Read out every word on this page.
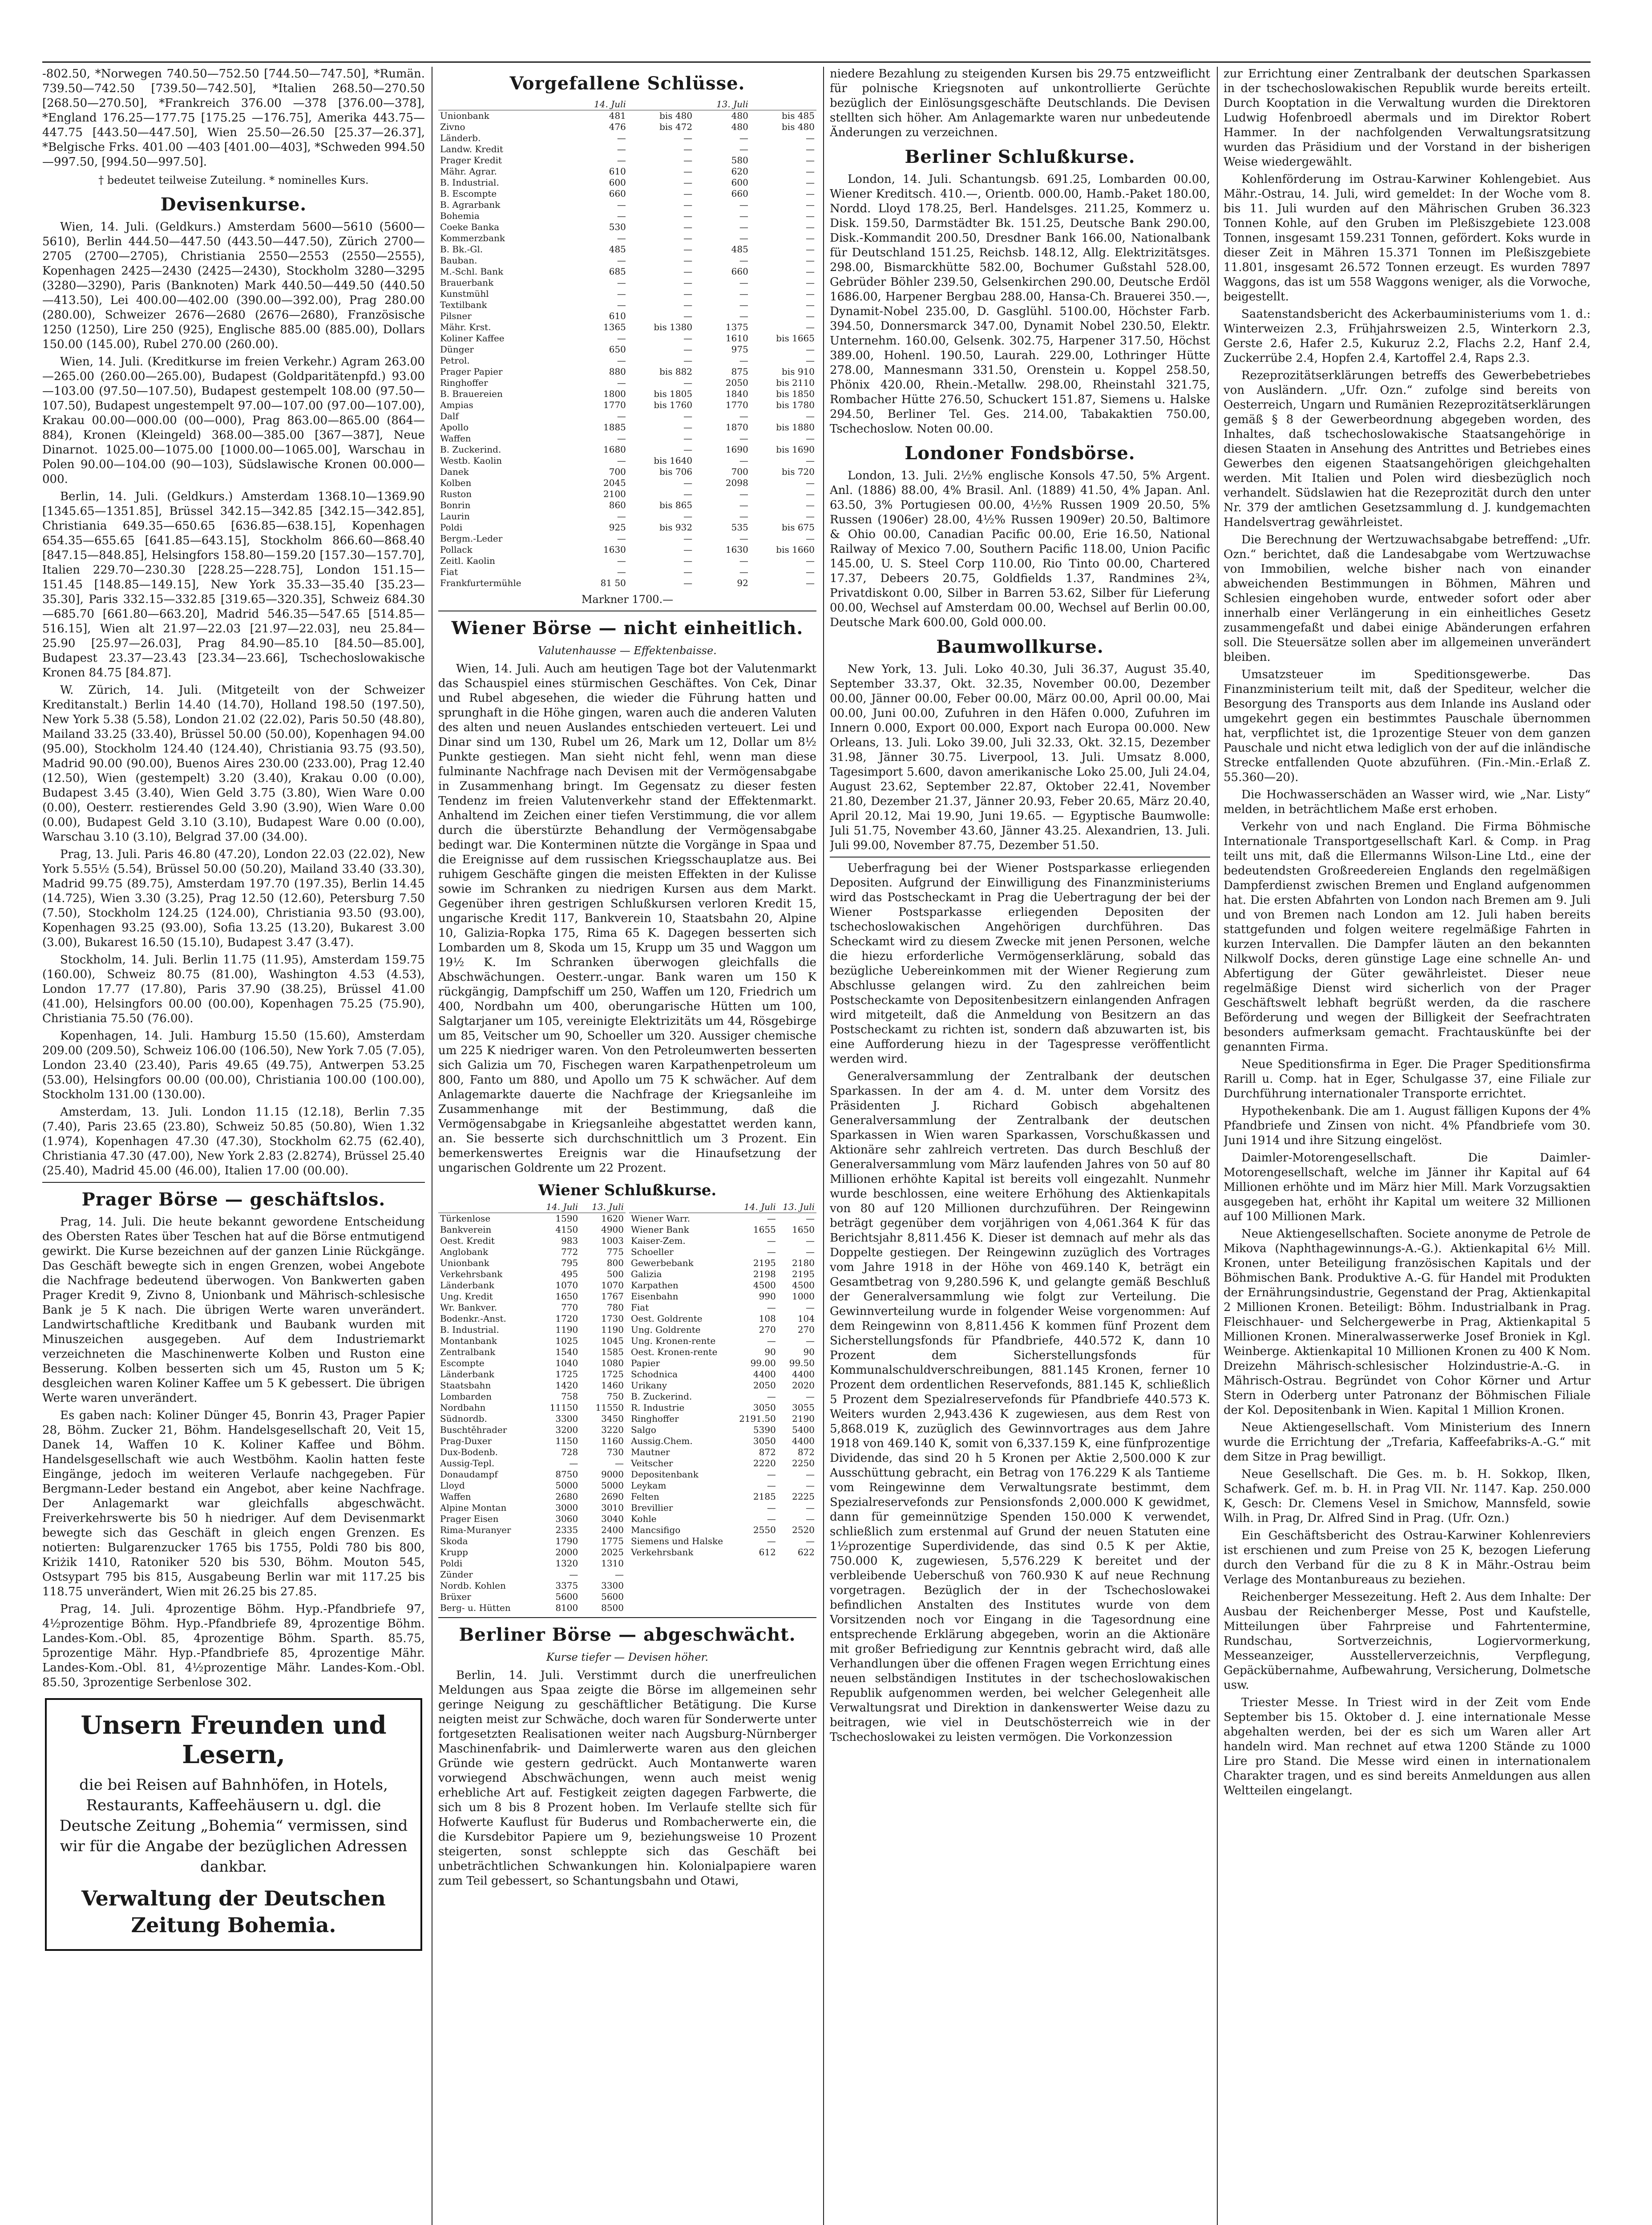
-802.50, *Norwegen 740.50—752.50 [744.50—747.50], *Rumän. 739.50—742.50 [739.50—742.50], *Italien 268.50—270.50 [268.50—270.50], *Frankreich 376.00 —378 [376.00—378], *England 176.25—177.75 [175.25 —176.75], Amerika 443.75—447.75 [443.50—447.50], Wien 25.50—26.50 [25.37—26.37], *Belgische Frks. 401.00 —403 [401.00—403], *Schweden 994.50—997.50, [994.50—997.50].

† bedeutet teilweise Zuteilung. * nominelles Kurs.
Devisenkurse.

Wien, 14. Juli. (Geldkurs.) Amsterdam 5600—5610 (5600—5610), Berlin 444.50—447.50 (443.50—447.50), Zürich 2700—2705 (2700—2705), Christiania 2550—2553 (2550—2555), Kopenhagen 2425—2430 (2425—2430), Stockholm 3280—3295 (3280—3290), Paris (Banknoten) Mark 440.50—449.50 (440.50—413.50), Lei 400.00—402.00 (390.00—392.00), Prag 280.00 (280.00), Schweizer 2676—2680 (2676—2680), Französische 1250 (1250), Lire 250 (925), Englische 885.00 (885.00), Dollars 150.00 (145.00), Rubel 270.00 (260.00).

Wien, 14. Juli. (Kreditkurse im freien Verkehr.) Agram 263.00—265.00 (260.00—265.00), Budapest (Goldparitätenpfd.) 93.00—103.00 (97.50—107.50), Budapest gestempelt 108.00 (97.50—107.50), Budapest ungestempelt 97.00—107.00 (97.00—107.00), Krakau 00.00—000.00 (00—000), Prag 863.00—865.00 (864—884), Kronen (Kleingeld) 368.00—385.00 [367—387], Neue Dinarnot. 1025.00—1075.00 [1000.00—1065.00], Warschau in Polen 90.00—104.00 (90—103), Südslawische Kronen 00.000—000.

Berlin, 14. Juli. (Geldkurs.) Amsterdam 1368.10—1369.90 [1345.65—1351.85], Brüssel 342.15—342.85 [342.15—342.85], Christiania 649.35—650.65 [636.85—638.15], Kopenhagen 654.35—655.65 [641.85—643.15], Stockholm 866.60—868.40 [847.15—848.85], Helsingfors 158.80—159.20 [157.30—157.70], Italien 229.70—230.30 [228.25—228.75], London 151.15—151.45 [148.85—149.15], New York 35.33—35.40 [35.23—35.30], Paris 332.15—332.85 [319.65—320.35], Schweiz 684.30—685.70 [661.80—663.20], Madrid 546.35—547.65 [514.85—516.15], Wien alt 21.97—22.03 [21.97—22.03], neu 25.84—25.90 [25.97—26.03], Prag 84.90—85.10 [84.50—85.00], Budapest 23.37—23.43 [23.34—23.66], Tschechoslowakische Kronen 84.75 [84.87].

W. Zürich, 14. Juli. (Mitgeteilt von der Schweizer Kreditanstalt.) Berlin 14.40 (14.70), Holland 198.50 (197.50), New York 5.38 (5.58), London 21.02 (22.02), Paris 50.50 (48.80), Mailand 33.25 (33.40), Brüssel 50.00 (50.00), Kopenhagen 94.00 (95.00), Stockholm 124.40 (124.40), Christiania 93.75 (93.50), Madrid 90.00 (90.00), Buenos Aires 230.00 (233.00), Prag 12.40 (12.50), Wien (gestempelt) 3.20 (3.40), Krakau 0.00 (0.00), Budapest 3.45 (3.40), Wien Geld 3.75 (3.80), Wien Ware 0.00 (0.00), Oesterr. restierendes Geld 3.90 (3.90), Wien Ware 0.00 (0.00), Budapest Geld 3.10 (3.10), Budapest Ware 0.00 (0.00), Warschau 3.10 (3.10), Belgrad 37.00 (34.00).

Prag, 13. Juli. Paris 46.80 (47.20), London 22.03 (22.02), New York 5.55½ (5.54), Brüssel 50.00 (50.20), Mailand 33.40 (33.30), Madrid 99.75 (89.75), Amsterdam 197.70 (197.35), Berlin 14.45 (14.725), Wien 3.30 (3.25), Prag 12.50 (12.60), Petersburg 7.50 (7.50), Stockholm 124.25 (124.00), Christiania 93.50 (93.00), Kopenhagen 93.25 (93.00), Sofia 13.25 (13.20), Bukarest 3.00 (3.00), Bukarest 16.50 (15.10), Budapest 3.47 (3.47).

Stockholm, 14. Juli. Berlin 11.75 (11.95), Amsterdam 159.75 (160.00), Schweiz 80.75 (81.00), Washington 4.53 (4.53), London 17.77 (17.80), Paris 37.90 (38.25), Brüssel 41.00 (41.00), Helsingfors 00.00 (00.00), Kopenhagen 75.25 (75.90), Christiania 75.50 (76.00).

Kopenhagen, 14. Juli. Hamburg 15.50 (15.60), Amsterdam 209.00 (209.50), Schweiz 106.00 (106.50), New York 7.05 (7.05), London 23.40 (23.40), Paris 49.65 (49.75), Antwerpen 53.25 (53.00), Helsingfors 00.00 (00.00), Christiania 100.00 (100.00), Stockholm 131.00 (130.00).

Amsterdam, 13. Juli. London 11.15 (12.18), Berlin 7.35 (7.40), Paris 23.65 (23.80), Schweiz 50.85 (50.80), Wien 1.32 (1.974), Kopenhagen 47.30 (47.30), Stockholm 62.75 (62.40), Christiania 47.30 (47.00), New York 2.83 (2.8274), Brüssel 25.40 (25.40), Madrid 45.00 (46.00), Italien 17.00 (00.00).

Prager Börse — geschäftslos.

Prag, 14. Juli. Die heute bekannt gewordene Entscheidung des Obersten Rates über Teschen hat auf die Börse entmutigend gewirkt. Die Kurse bezeichnen auf der ganzen Linie Rückgänge. Das Geschäft bewegte sich in engen Grenzen, wobei Angebote die Nachfrage bedeutend überwogen. Von Bankwerten gaben Prager Kredit 9, Zivno 8, Unionbank und Mährisch-schlesische Bank je 5 K nach. Die übrigen Werte waren unverändert. Landwirtschaftliche Kreditbank und Baubank wurden mit Minuszeichen ausgegeben. Auf dem Industriemarkt verzeichneten die Maschinenwerte Kolben und Ruston eine Besserung. Kolben besserten sich um 45, Ruston um 5 K; desgleichen waren Koliner Kaffee um 5 K gebessert. Die übrigen Werte waren unverändert.

Es gaben nach: Koliner Dünger 45, Bonrin 43, Prager Papier 28, Böhm. Zucker 21, Böhm. Handelsgesellschaft 20, Veit 15, Danek 14, Waffen 10 K. Koliner Kaffee und Böhm. Handelsgesellschaft wie auch Westböhm. Kaolin hatten feste Eingänge, jedoch im weiteren Verlaufe nachgegeben. Für Bergmann-Leder bestand ein Angebot, aber keine Nachfrage. Der Anlagemarkt war gleichfalls abgeschwächt. Freiverkehrswerte bis 50 h niedriger. Auf dem Devisenmarkt bewegte sich das Geschäft in gleich engen Grenzen. Es notierten: Bulgarenzucker 1765 bis 1755, Poldi 780 bis 800, Kriżik 1410, Ratoniker 520 bis 530, Böhm. Mouton 545, Ostsypart 795 bis 815, Ausgabeung Berlin war mit 117.25 bis 118.75 unverändert, Wien mit 26.25 bis 27.85.

Prag, 14. Juli. 4prozentige Böhm. Hyp.-Pfandbriefe 97, 4½prozentige Böhm. Hyp.-Pfandbriefe 89, 4prozentige Böhm. Landes-Kom.-Obl. 85, 4prozentige Böhm. Sparth. 85.75, 5prozentige Mähr. Hyp.-Pfandbriefe 85, 4prozentige Mähr. Landes-Kom.-Obl. 81, 4½prozentige Mähr. Landes-Kom.-Obl. 85.50, 3prozentige Serbenlose 302.

Unsern Freunden und Lesern,
die bei Reisen auf Bahnhöfen, in Hotels, Restaurants, Kaffeehäusern u. dgl. die Deutsche Zeitung „Bohemia“ vermissen, sind wir für die Angabe der bezüglichen Adressen dankbar.
Verwaltung der Deutschen Zeitung Bohemia.
Vorgefallene Schlüsse.
	14. Juli		13. Juli	
Unionbank	481	bis 480	480	bis 485
Zivno	476	bis 472	480	bis 480
Länderb.	—	—	—	—
Landw. Kredit	—	—	—	—
Prager Kredit	—	—	580	—
Mähr. Agrar.	610	—	620	—
B. Industrial.	600	—	600	—
B. Escompte	660	—	660	—
B. Agrarbank	—	—	—	—
Bohemia	—	—	—	—
Coeke Banka	530	—	—	—
Kommerzbank	—	—	—	—
B. Bk.-Gl.	485	—	485	—
Bauban.	—	—	—	—
M.-Schl. Bank	685	—	660	—
Brauerbank	—	—	—	—
Kunstmühl	—	—	—	—
Textilbank	—	—	—	—
Pilsner	610	—	—	—
Mähr. Krst.	1365	bis 1380	1375	—
Koliner Kaffee	—	—	1610	bis 1665
Dünger	650	—	975	—
Petrol.	—	—	—	—
Prager Papier	880	bis 882	875	bis 910
Ringhoffer	—	—	2050	bis 2110
B. Brauereien	1800	bis 1805	1840	bis 1850
Ampias	1770	bis 1760	1770	bis 1780
Dalf	—	—	—	—
Apollo	1885	—	1870	bis 1880
Waffen	—	—	—	—
B. Zuckerind.	1680	—	1690	bis 1690
Westb. Kaolin	—	bis 1640	—	—
Danek	700	bis 706	700	bis 720
Kolben	2045	—	2098	—
Ruston	2100	—	—	—
Bonrin	860	bis 865	—	—
Laurin	—	—	—	—
Poldi	925	bis 932	535	bis 675
Bergm.-Leder	—	—	—	—
Pollack	1630	—	1630	bis 1660
Zeitl. Kaolin	—	—	—	—
Fiat	—	—	—	—
Frankfurtermühle	81 50	—	92	—
Markner 1700.—
Wiener Börse — nicht einheitlich.
Valutenhausse — Effektenbaisse.

Wien, 14. Juli. Auch am heutigen Tage bot der Valutenmarkt das Schauspiel eines stürmischen Geschäftes. Von Cek, Dinar und Rubel abgesehen, die wieder die Führung hatten und sprunghaft in die Höhe gingen, waren auch die anderen Valuten des alten und neuen Auslandes entschieden verteuert. Lei und Dinar sind um 130, Rubel um 26, Mark um 12, Dollar um 8½ Punkte gestiegen. Man sieht nicht fehl, wenn man diese fulminante Nachfrage nach Devisen mit der Vermögensabgabe in Zusammenhang bringt. Im Gegensatz zu dieser festen Tendenz im freien Valutenverkehr stand der Effektenmarkt. Anhaltend im Zeichen einer tiefen Verstimmung, die vor allem durch die überstürzte Behandlung der Vermögensabgabe bedingt war. Die Konterminen nützte die Vorgänge in Spaa und die Ereignisse auf dem russischen Kriegsschauplatze aus. Bei ruhigem Geschäfte gingen die meisten Effekten in der Kulisse sowie im Schranken zu niedrigen Kursen aus dem Markt. Gegenüber ihren gestrigen Schlußkursen verloren Kredit 15, ungarische Kredit 117, Bankverein 10, Staatsbahn 20, Alpine 10, Galizia-Ropka 175, Rima 65 K. Dagegen besserten sich Lombarden um 8, Skoda um 15, Krupp um 35 und Waggon um 19½ K. Im Schranken überwogen gleichfalls die Abschwächungen. Oesterr.-ungar. Bank waren um 150 K rückgängig, Dampfschiff um 250, Waffen um 120, Friedrich um 400, Nordbahn um 400, oberungarische Hütten um 100, Salgtarjaner um 105, vereinigte Elektrizitäts um 44, Rösgebirge um 85, Veitscher um 90, Schoeller um 320. Aussiger chemische um 225 K niedriger waren. Von den Petroleumwerten besserten sich Galizia um 70, Fischegen waren Karpathenpetroleum um 800, Fanto um 880, und Apollo um 75 K schwächer. Auf dem Anlagemarkte dauerte die Nachfrage der Kriegsanleihe im Zusammenhange mit der Bestimmung, daß die Vermögensabgabe in Kriegsanleihe abgestattet werden kann, an. Sie besserte sich durchschnittlich um 3 Prozent. Ein bemerkenswertes Ereignis war die Hinaufsetzung der ungarischen Goldrente um 22 Prozent.

Wiener Schlußkurse.
	14. Juli	13. Juli
Türkenlose	1590	1620
Bankverein	4150	4900
Oest. Kredit	983	1003
Anglobank	772	775
Unionbank	795	800
Verkehrsbank	495	500
Länderbank	1070	1070
Ung. Kredit	1650	1767
Wr. Bankver.	770	780
Bodenkr.-Anst.	1720	1730
B. Industrial.	1190	1190
Montanbank	1025	1045
Zentralbank	1540	1585
Escompte	1040	1080
Länderbank	1725	1725
Staatsbahn	1420	1460
Lombarden	758	750
Nordbahn	11150	11550
Südnordb.	3300	3450
Buschtěhrader	3200	3220
Prag-Duxer	1150	1160
Dux-Bodenb.	728	730
Aussig-Tepl.	—	—
Donaudampf	8750	9000
Lloyd	5000	5000
Waffen	2680	2690
Alpine Montan	3000	3010
Prager Eisen	3060	3040
Rima-Muranyer	2335	2400
Skoda	1790	1775
Krupp	2000	2025
Poldi	1320	1310
Zünder	—	—
Nordb. Kohlen	3375	3300
Brüxer	5600	5600
Berg- u. Hütten	8100	8500
	14. Juli	13. Juli
Wiener Warr.	—	—
Wiener Bank	1655	1650
Kaiser-Zem.	—	—
Schoeller	—	—
Gewerbebank	2195	2180
Galizia	2198	2195
Karpathen	4500	4500
Eisenbahn	990	1000
Fiat	—	—
Oest. Goldrente	108	104
Ung. Goldrente	270	270
Ung. Kronen-rente	—	—
Oest. Kronen-rente	90	90
Papier	99.00	99.50
Schodnica	4400	4400
Urikany	2050	2020
B. Zuckerind.	—	—
R. Industrie	3050	3055
Ringhoffer	2191.50	2190
Salgo	5390	5400
Aussig.Chem.	3050	4400
Mautner	872	872
Veitscher	2220	2250
Depositenbank	—	—
Leykam	—	—
Felten	2185	2225
Brevillier	—	—
Kohle	—	—
Mancsifigo	2550	2520
Siemens und Halske	—	—
Verkehrsbank	612	622
Berliner Börse — abgeschwächt.
Kurse tiefer — Devisen höher.

Berlin, 14. Juli. Verstimmt durch die unerfreulichen Meldungen aus Spaa zeigte die Börse im allgemeinen sehr geringe Neigung zu geschäftlicher Betätigung. Die Kurse neigten meist zur Schwäche, doch waren für Sonderwerte unter fortgesetzten Realisationen weiter nach Augsburg-Nürnberger Maschinenfabrik- und Daimlerwerte waren aus den gleichen Gründe wie gestern gedrückt. Auch Montanwerte waren vorwiegend Abschwächungen, wenn auch meist wenig erhebliche Art auf. Festigkeit zeigten dagegen Farbwerte, die sich um 8 bis 8 Prozent hoben. Im Verlaufe stellte sich für Hofwerte Kauflust für Buderus und Rombacherwerte ein, die die Kursdebitor Papiere um 9, beziehungsweise 10 Prozent steigerten, sonst schleppte sich das Geschäft bei unbeträchtlichen Schwankungen hin. Kolonialpapiere waren zum Teil gebessert, so Schantungsbahn und Otawi,

niedere Bezahlung zu steigenden Kursen bis 29.75 entzweiflicht für polnische Kriegsnoten auf unkontrollierte Gerüchte bezüglich der Einlösungsgeschäfte Deutschlands. Die Devisen stellten sich höher. Am Anlagemarkte waren nur unbedeutende Änderungen zu verzeichnen.

Berliner Schlußkurse.

London, 14. Juli. Schantungsb. 691.25, Lombarden 00.00, Wiener Kreditsch. 410.—, Orientb. 000.00, Hamb.-Paket 180.00, Nordd. Lloyd 178.25, Berl. Handelsges. 211.25, Kommerz u. Disk. 159.50, Darmstädter Bk. 151.25, Deutsche Bank 290.00, Disk.-Kommandit 200.50, Dresdner Bank 166.00, Nationalbank für Deutschland 151.25, Reichsb. 148.12, Allg. Elektrizitätsges. 298.00, Bismarckhütte 582.00, Bochumer Gußstahl 528.00, Gebrüder Böhler 239.50, Gelsenkirchen 290.00, Deutsche Erdöl 1686.00, Harpener Bergbau 288.00, Hansa-Ch. Brauerei 350.—, Dynamit-Nobel 235.00, D. Gasglühl. 5100.00, Höchster Farb. 394.50, Donnersmarck 347.00, Dynamit Nobel 230.50, Elektr. Unternehm. 160.00, Gelsenk. 302.75, Harpener 317.50, Höchst 389.00, Hohenl. 190.50, Laurah. 229.00, Lothringer Hütte 278.00, Mannesmann 331.50, Orenstein u. Koppel 258.50, Phönix 420.00, Rhein.-Metallw. 298.00, Rheinstahl 321.75, Rombacher Hütte 276.50, Schuckert 151.87, Siemens u. Halske 294.50, Berliner Tel. Ges. 214.00, Tabakaktien 750.00, Tschechoslow. Noten 00.00.

Londoner Fondsbörse.

London, 13. Juli. 2½% englische Konsols 47.50, 5% Argent. Anl. (1886) 88.00, 4% Brasil. Anl. (1889) 41.50, 4% Japan. Anl. 63.50, 3% Portugiesen 00.00, 4½% Russen 1909 20.50, 5% Russen (1906er) 28.00, 4½% Russen 1909er) 20.50, Baltimore & Ohio 00.00, Canadian Pacific 00.00, Erie 16.50, National Railway of Mexico 7.00, Southern Pacific 118.00, Union Pacific 145.00, U. S. Steel Corp 110.00, Rio Tinto 00.00, Chartered 17.37, Debeers 20.75, Goldfields 1.37, Randmines 2¾, Privatdiskont 0.00, Silber in Barren 53.62, Silber für Lieferung 00.00, Wechsel auf Amsterdam 00.00, Wechsel auf Berlin 00.00, Deutsche Mark 600.00, Gold 000.00.

Baumwollkurse.

New York, 13. Juli. Loko 40.30, Juli 36.37, August 35.40, September 33.37, Okt. 32.35, November 00.00, Dezember 00.00, Jänner 00.00, Feber 00.00, März 00.00, April 00.00, Mai 00.00, Juni 00.00, Zufuhren in den Häfen 0.000, Zufuhren im Innern 0.000, Export 00.000, Export nach Europa 00.000. New Orleans, 13. Juli. Loko 39.00, Juli 32.33, Okt. 32.15, Dezember 31.98, Jänner 30.75. Liverpool, 13. Juli. Umsatz 8.000, Tagesimport 5.600, davon amerikanische Loko 25.00, Juli 24.04, August 23.62, September 22.87, Oktober 22.41, November 21.80, Dezember 21.37, Jänner 20.93, Feber 20.65, März 20.40, April 20.12, Mai 19.90, Juni 19.65. — Egyptische Baumwolle: Juli 51.75, November 43.60, Jänner 43.25. Alexandrien, 13. Juli. Juli 99.00, November 87.75, Dezember 51.50.

Ueberfragung bei der Wiener Postsparkasse erliegenden Depositen. Aufgrund der Einwilligung des Finanzministeriums wird das Postscheckamt in Prag die Uebertragung der bei der Wiener Postsparkasse erliegenden Depositen der tschechoslowakischen Angehörigen durchführen. Das Scheckamt wird zu diesem Zwecke mit jenen Personen, welche die hiezu erforderliche Vermögenserklärung, sobald das bezügliche Uebereinkommen mit der Wiener Regierung zum Abschlusse gelangen wird. Zu den zahlreichen beim Postscheckamte von Depositenbesitzern einlangenden Anfragen wird mitgeteilt, daß die Anmeldung von Besitzern an das Postscheckamt zu richten ist, sondern daß abzuwarten ist, bis eine Aufforderung hiezu in der Tagespresse veröffentlicht werden wird.

Generalversammlung der Zentralbank der deutschen Sparkassen. In der am 4. d. M. unter dem Vorsitz des Präsidenten J. Richard Gobisch abgehaltenen Generalversammlung der Zentralbank der deutschen Sparkassen in Wien waren Sparkassen, Vorschußkassen und Aktionäre sehr zahlreich vertreten. Das durch Beschluß der Generalversammlung vom März laufenden Jahres von 50 auf 80 Millionen erhöhte Kapital ist bereits voll eingezahlt. Nunmehr wurde beschlossen, eine weitere Erhöhung des Aktienkapitals von 80 auf 120 Millionen durchzuführen. Der Reingewinn beträgt gegenüber dem vorjährigen von 4,061.364 K für das Berichtsjahr 8,811.456 K. Dieser ist demnach auf mehr als das Doppelte gestiegen. Der Reingewinn zuzüglich des Vortrages vom Jahre 1918 in der Höhe von 469.140 K, beträgt ein Gesamtbetrag von 9,280.596 K, und gelangte gemäß Beschluß der Generalversammlung wie folgt zur Verteilung. Die Gewinnverteilung wurde in folgender Weise vorgenommen: Auf dem Reingewinn von 8,811.456 K kommen fünf Prozent dem Sicherstellungsfonds für Pfandbriefe, 440.572 K, dann 10 Prozent dem Sicherstellungsfonds für Kommunalschuldverschreibungen, 881.145 Kronen, ferner 10 Prozent dem ordentlichen Reservefonds, 881.145 K, schließlich 5 Prozent dem Spezialreservefonds für Pfandbriefe 440.573 K. Weiters wurden 2,943.436 K zugewiesen, aus dem Rest von 5,868.019 K, zuzüglich des Gewinnvortrages aus dem Jahre 1918 von 469.140 K, somit von 6,337.159 K, eine fünfprozentige Dividende, das sind 20 h 5 Kronen per Aktie 2,500.000 K zur Ausschüttung gebracht, ein Betrag von 176.229 K als Tantieme vom Reingewinne dem Verwaltungsrate bestimmt, dem Spezialreservefonds zur Pensionsfonds 2,000.000 K gewidmet, dann für gemeinnützige Spenden 150.000 K verwendet, schließlich zum erstenmal auf Grund der neuen Statuten eine 1½prozentige Superdividende, das sind 0.5 K per Aktie, 750.000 K, zugewiesen, 5,576.229 K bereitet und der verbleibende Ueberschuß von 760.930 K auf neue Rechnung vorgetragen. Bezüglich der in der Tschechoslowakei befindlichen Anstalten des Institutes wurde von dem Vorsitzenden noch vor Eingang in die Tagesordnung eine entsprechende Erklärung abgegeben, worin an die Aktionäre mit großer Befriedigung zur Kenntnis gebracht wird, daß alle Verhandlungen über die offenen Fragen wegen Errichtung eines neuen selbständigen Institutes in der tschechoslowakischen Republik aufgenommen werden, bei welcher Gelegenheit alle Verwaltungsrat und Direktion in dankenswerter Weise dazu zu beitragen, wie viel in Deutschösterreich wie in der Tschechoslowakei zu leisten vermögen. Die Vorkonzession

zur Errichtung einer Zentralbank der deutschen Sparkassen in der tschechoslowakischen Republik wurde bereits erteilt. Durch Kooptation in die Verwaltung wurden die Direktoren Ludwig Hofenbroedl abermals und im Direktor Robert Hammer. In der nachfolgenden Verwaltungsratsitzung wurden das Präsidium und der Vorstand in der bisherigen Weise wiedergewählt.

Kohlenförderung im Ostrau-Karwiner Kohlengebiet. Aus Mähr.-Ostrau, 14. Juli, wird gemeldet: In der Woche vom 8. bis 11. Juli wurden auf den Mährischen Gruben 36.323 Tonnen Kohle, auf den Gruben im Pleßiszgebiete 123.008 Tonnen, insgesamt 159.231 Tonnen, gefördert. Koks wurde in dieser Zeit in Mähren 15.371 Tonnen im Pleßiszgebiete 11.801, insgesamt 26.572 Tonnen erzeugt. Es wurden 7897 Waggons, das ist um 558 Waggons weniger, als die Vorwoche, beigestellt.

Saatenstandsbericht des Ackerbauministeriums vom 1. d.: Winterweizen 2.3, Frühjahrsweizen 2.5, Winterkorn 2.3, Gerste 2.6, Hafer 2.5, Kukuruz 2.2, Flachs 2.2, Hanf 2.4, Zuckerrübe 2.4, Hopfen 2.4, Kartoffel 2.4, Raps 2.3.

Rezeprozitätserklärungen betreffs des Gewerbebetriebes von Ausländern. „Ufr. Ozn.“ zufolge sind bereits von Oesterreich, Ungarn und Rumänien Rezeprozitätserklärungen gemäß § 8 der Gewerbeordnung abgegeben worden, des Inhaltes, daß tschechoslowakische Staatsangehörige in diesen Staaten in Ansehung des Antrittes und Betriebes eines Gewerbes den eigenen Staatsangehörigen gleichgehalten werden. Mit Italien und Polen wird diesbezüglich noch verhandelt. Südslawien hat die Rezeprozität durch den unter Nr. 379 der amtlichen Gesetzsammlung d. J. kundgemachten Handelsvertrag gewährleistet.

Die Berechnung der Wertzuwachsabgabe betreffend: „Ufr. Ozn.“ berichtet, daß die Landesabgabe vom Wertzuwachse von Immobilien, welche bisher nach von einander abweichenden Bestimmungen in Böhmen, Mähren und Schlesien eingehoben wurde, entweder sofort oder aber innerhalb einer Verlängerung in ein einheitliches Gesetz zusammengefaßt und dabei einige Abänderungen erfahren soll. Die Steuersätze sollen aber im allgemeinen unverändert bleiben.

Umsatzsteuer im Speditionsgewerbe. Das Finanzministerium teilt mit, daß der Spediteur, welcher die Besorgung des Transports aus dem Inlande ins Ausland oder umgekehrt gegen ein bestimmtes Pauschale übernommen hat, verpflichtet ist, die 1prozentige Steuer von dem ganzen Pauschale und nicht etwa lediglich von der auf die inländische Strecke entfallenden Quote abzuführen. (Fin.-Min.-Erlaß Z. 55.360—20).

Die Hochwasserschäden an Wasser wird, wie „Nar. Listy“ melden, in beträchtlichem Maße erst erhoben.

Verkehr von und nach England. Die Firma Böhmische Internationale Transportgesellschaft Karl. & Comp. in Prag teilt uns mit, daß die Ellermanns Wilson-Line Ltd., eine der bedeutendsten Großreedereien Englands den regelmäßigen Dampferdienst zwischen Bremen und England aufgenommen hat. Die ersten Abfahrten von London nach Bremen am 9. Juli und von Bremen nach London am 12. Juli haben bereits stattgefunden und folgen weitere regelmäßige Fahrten in kurzen Intervallen. Die Dampfer läuten an den bekannten Nilkwolf Docks, deren günstige Lage eine schnelle An- und Abfertigung der Güter gewährleistet. Dieser neue regelmäßige Dienst wird sicherlich von der Prager Geschäftswelt lebhaft begrüßt werden, da die raschere Beförderung und wegen der Billigkeit der Seefrachtraten besonders aufmerksam gemacht. Frachtauskünfte bei der genannten Firma.

Neue Speditionsfirma in Eger. Die Prager Speditionsfirma Rarill u. Comp. hat in Eger, Schulgasse 37, eine Filiale zur Durchführung internationaler Transporte errichtet.

Hypothekenbank. Die am 1. August fälligen Kupons der 4% Pfandbriefe und Zinsen von nicht. 4% Pfandbriefe vom 30. Juni 1914 und ihre Sitzung eingelöst.

Daimler-Motorengesellschaft. Die Daimler-Motorengesellschaft, welche im Jänner ihr Kapital auf 64 Millionen erhöhte und im März hier Mill. Mark Vorzugsaktien ausgegeben hat, erhöht ihr Kapital um weitere 32 Millionen auf 100 Millionen Mark.

Neue Aktiengesellschaften. Societe anonyme de Petrole de Mikova (Naphthagewinnungs-A.-G.). Aktienkapital 6½ Mill. Kronen, unter Beteiligung französischen Kapitals und der Böhmischen Bank. Produktive A.-G. für Handel mit Produkten der Ernährungsindustrie, Gegenstand der Prag, Aktienkapital 2 Millionen Kronen. Beteiligt: Böhm. Industrialbank in Prag. Fleischhauer- und Selchergewerbe in Prag, Aktienkapital 5 Millionen Kronen. Mineralwasserwerke Josef Broniek in Kgl. Weinberge. Aktienkapital 10 Millionen Kronen zu 400 K Nom. Dreizehn Mährisch-schlesischer Holzindustrie-A.-G. in Mährisch-Ostrau. Begründet von Cohor Körner und Artur Stern in Oderberg unter Patronanz der Böhmischen Filiale der Kol. Depositenbank in Wien. Kapital 1 Million Kronen.

Neue Aktiengesellschaft. Vom Ministerium des Innern wurde die Errichtung der „Trefaria, Kaffeefabriks-A.-G.“ mit dem Sitze in Prag bewilligt.

Neue Gesellschaft. Die Ges. m. b. H. Sokkop, Ilken, Schafwerk. Gef. m. b. H. in Prag VII. Nr. 1147. Kap. 250.000 K, Gesch: Dr. Clemens Vesel in Smichow, Mannsfeld, sowie Wilh. in Prag, Dr. Alfred Sind in Prag. (Ufr. Ozn.)

Ein Geschäftsbericht des Ostrau-Karwiner Kohlenreviers ist erschienen und zum Preise von 25 K, bezogen Lieferung durch den Verband für die zu 8 K in Mähr.-Ostrau beim Verlage des Montanbureaus zu beziehen.

Reichenberger Messezeitung. Heft 2. Aus dem Inhalte: Der Ausbau der Reichenberger Messe, Post und Kaufstelle, Mitteilungen über Fahrpreise und Fahrtentermine, Rundschau, Sortverzeichnis, Logiervormerkung, Messeanzeiger, Ausstellerverzeichnis, Verpflegung, Gepäckübernahme, Aufbewahrung, Versicherung, Dolmetsche usw.

Triester Messe. In Triest wird in der Zeit vom Ende September bis 15. Oktober d. J. eine internationale Messe abgehalten werden, bei der es sich um Waren aller Art handeln wird. Man rechnet auf etwa 1200 Stände zu 1000 Lire pro Stand. Die Messe wird einen in internationalem Charakter tragen, und es sind bereits Anmeldungen aus allen Weltteilen eingelangt.
